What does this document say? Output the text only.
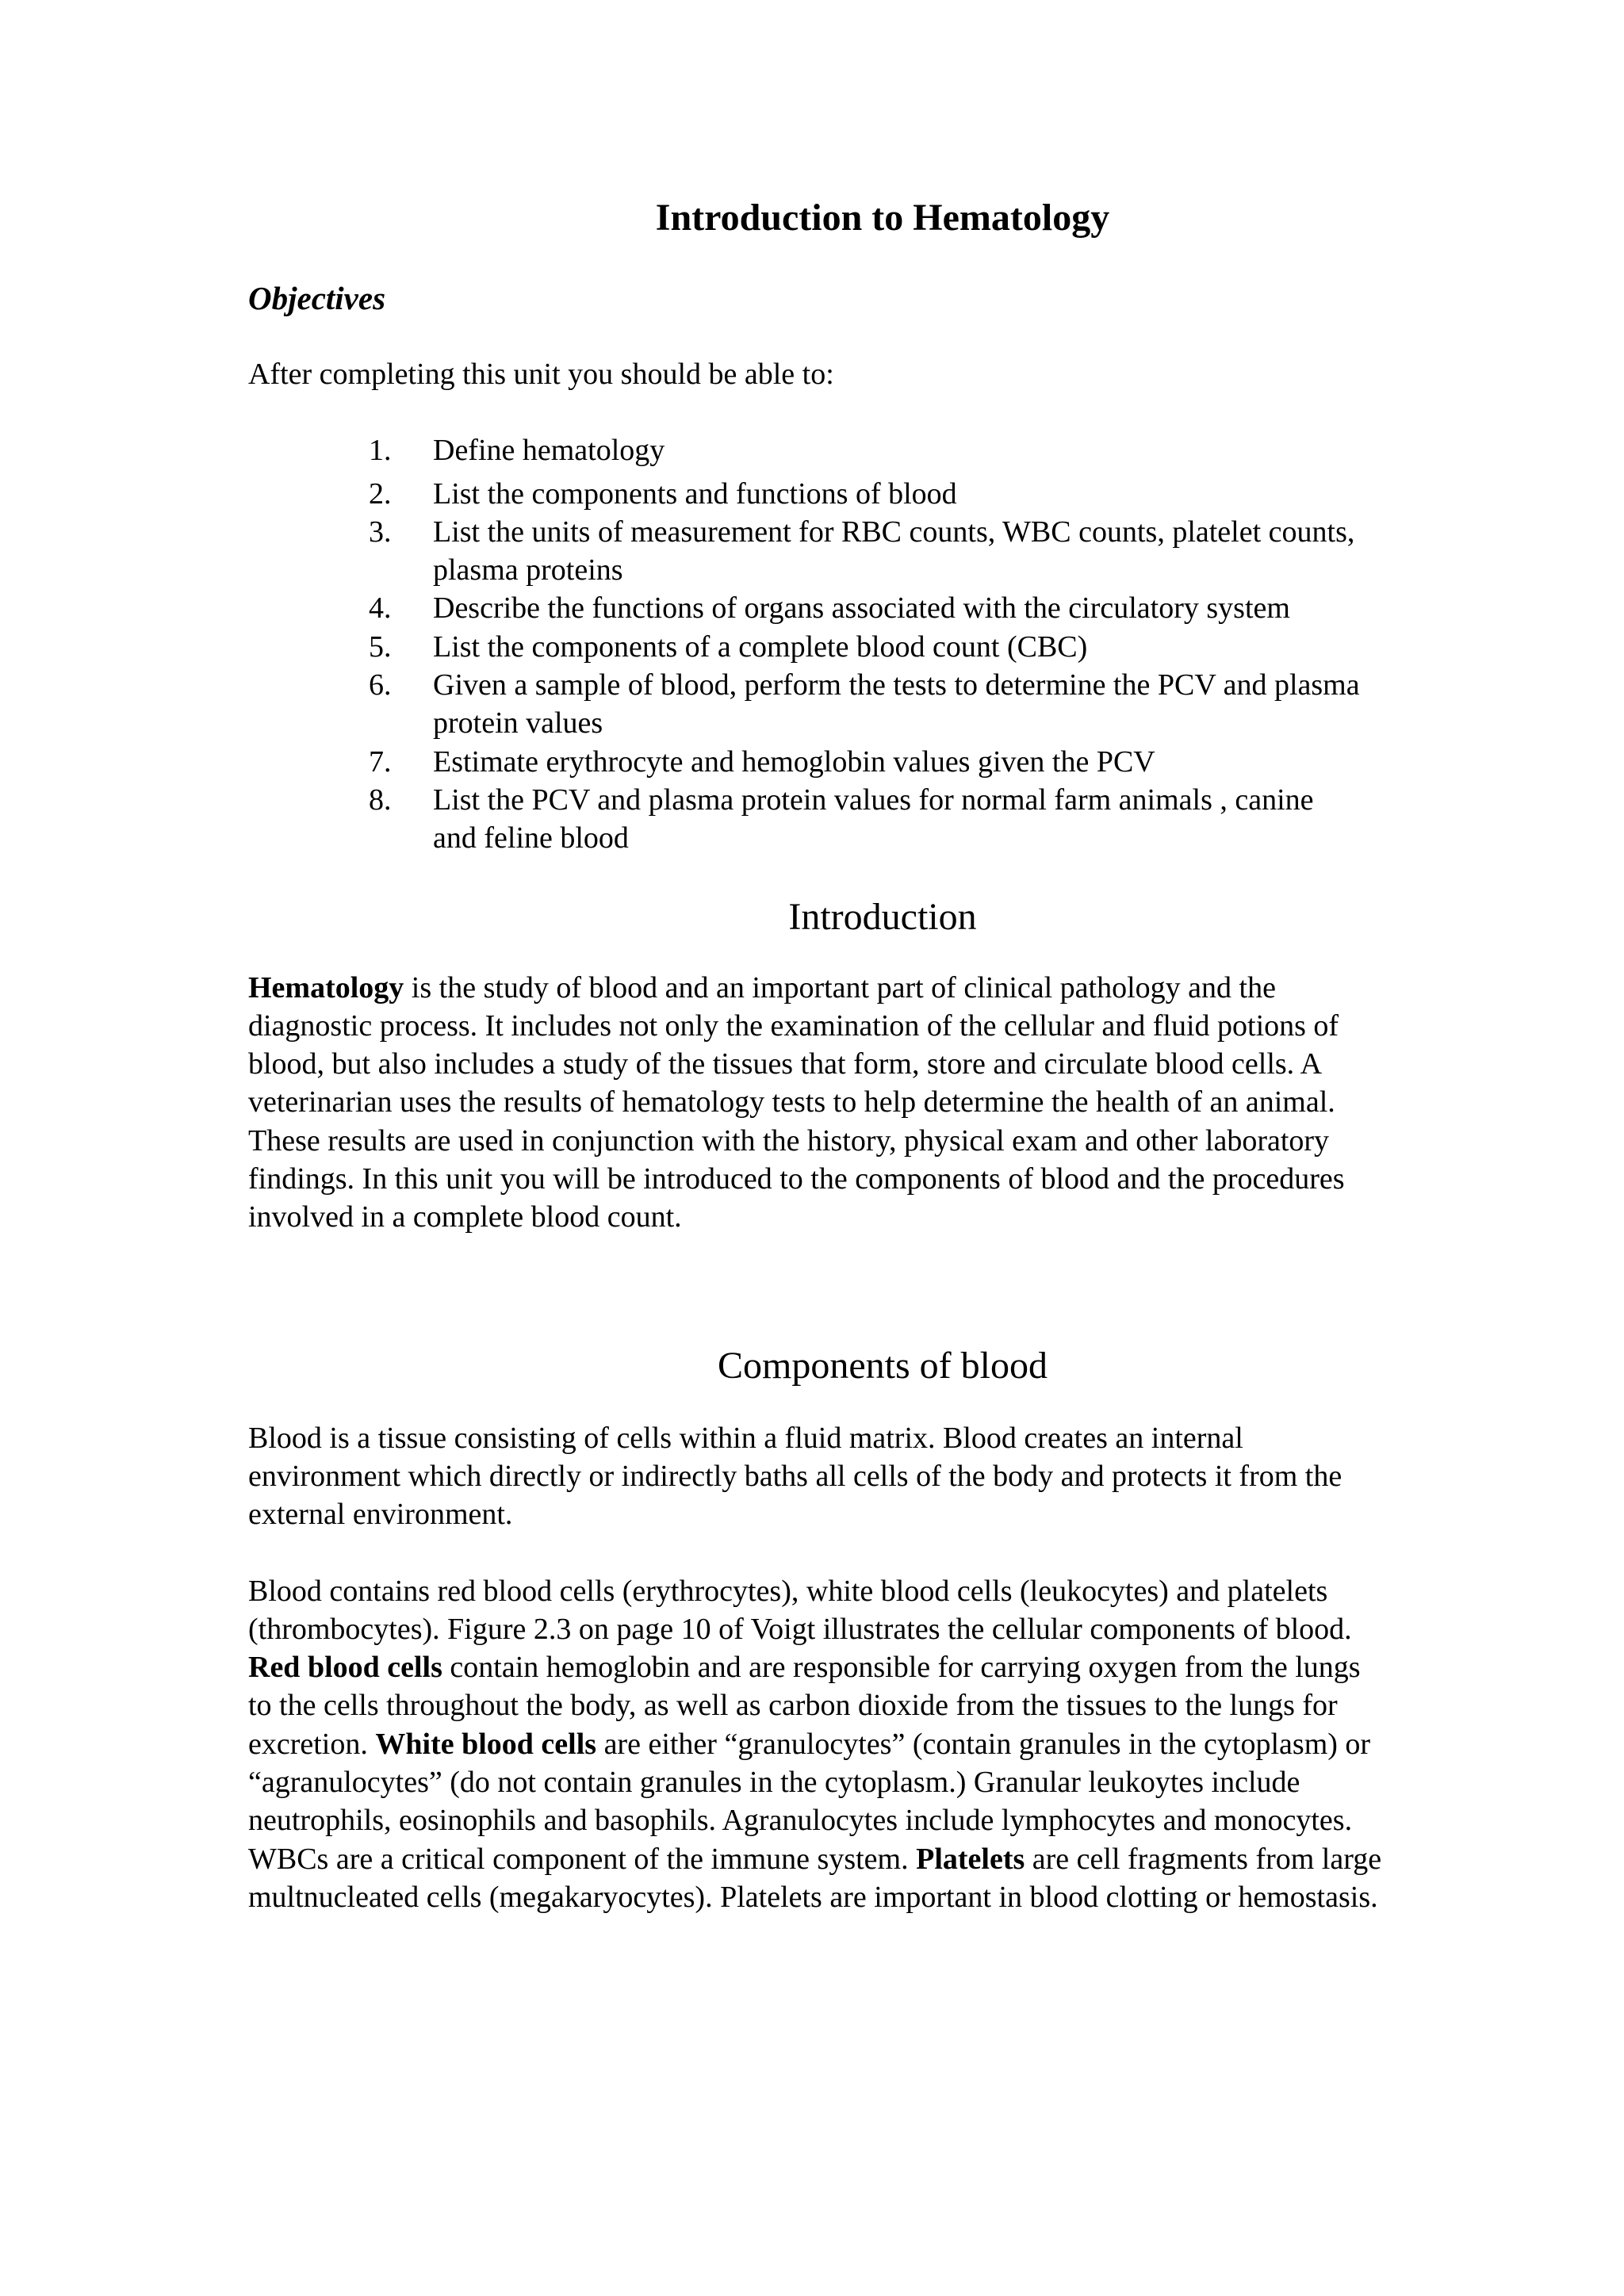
Introduction to Hematology
Objectives

After completing this unit you should be able to:

1.	Define hematology
2.	List the components and functions of blood
3.	List the units of measurement for RBC counts, WBC counts, platelet counts, plasma proteins
4.	Describe the functions of organs associated with the circulatory system
5.	List the components of a complete blood count (CBC)
6.	Given a sample of blood, perform the tests to determine the PCV and plasma protein values
7.	Estimate erythrocyte and hemoglobin values given the PCV
8.	List the PCV and plasma protein values for normal farm animals , canine and feline blood
Introduction

Hematology is the study of blood and an important part of clinical pathology and the diagnostic process. It includes not only the examination of the cellular and fluid potions of blood, but also includes a study of the tissues that form, store and circulate blood cells. A veterinarian uses the results of hematology tests to help determine the health of an animal. These results are used in conjunction with the history, physical exam and other laboratory findings. In this unit you will be introduced to the components of blood and the procedures involved in a complete blood count.

Components of blood

Blood is a tissue consisting of cells within a fluid matrix. Blood creates an internal environment which directly or indirectly baths all cells of the body and protects it from the external environment.

Blood contains red blood cells (erythrocytes), white blood cells (leukocytes) and platelets (thrombocytes). Figure 2.3 on page 10 of Voigt illustrates the cellular components of blood. Red blood cells contain hemoglobin and are responsible for carrying oxygen from the lungs to the cells throughout the body, as well as carbon dioxide from the tissues to the lungs for excretion. White blood cells are either “granulocytes” (contain granules in the cytoplasm) or “agranulocytes” (do not contain granules in the cytoplasm.) Granular leukoytes include neutrophils, eosinophils and basophils. Agranulocytes include lymphocytes and monocytes. WBCs are a critical component of the immune system. Platelets are cell fragments from large multnucleated cells (megakaryocytes). Platelets are important in blood clotting or hemostasis.
